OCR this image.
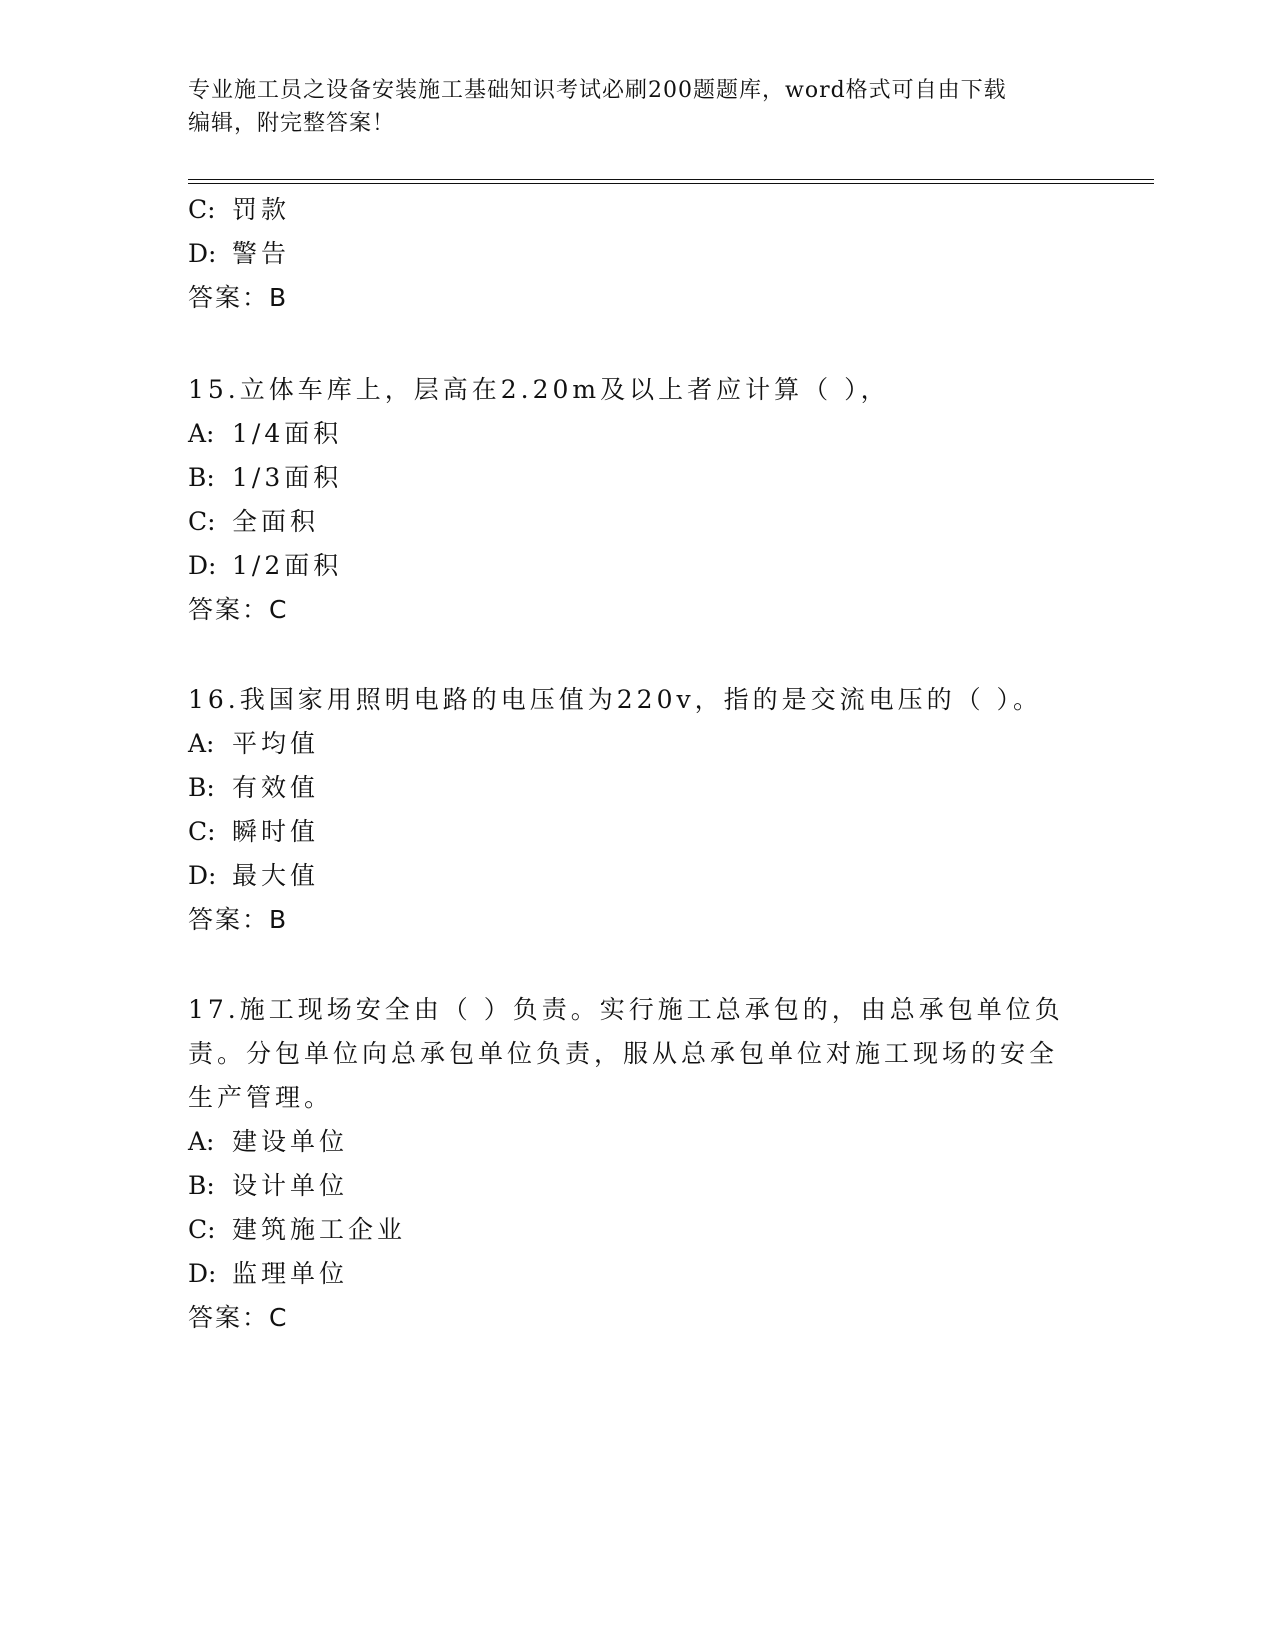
专业施工员之设备安装施工基础知识考试必刷200题题库，word格式可自由下载
编辑，附完整答案！
C: 罚款
D: 警告
答案：B
15.立体车库上，层高在2.20m及以上者应计算（ ），
A: 1/4面积
B: 1/3面积
C: 全面积
D: 1/2面积
答案：C
16.我国家用照明电路的电压值为220v，指的是交流电压的（ ）。
A: 平均值
B: 有效值
C: 瞬时值
D: 最大值
答案：B
17.施工现场安全由（ ）负责。实行施工总承包的，由总承包单位负
责。分包单位向总承包单位负责，服从总承包单位对施工现场的安全
生产管理。
A: 建设单位
B: 设计单位
C: 建筑施工企业
D: 监理单位
答案：C
